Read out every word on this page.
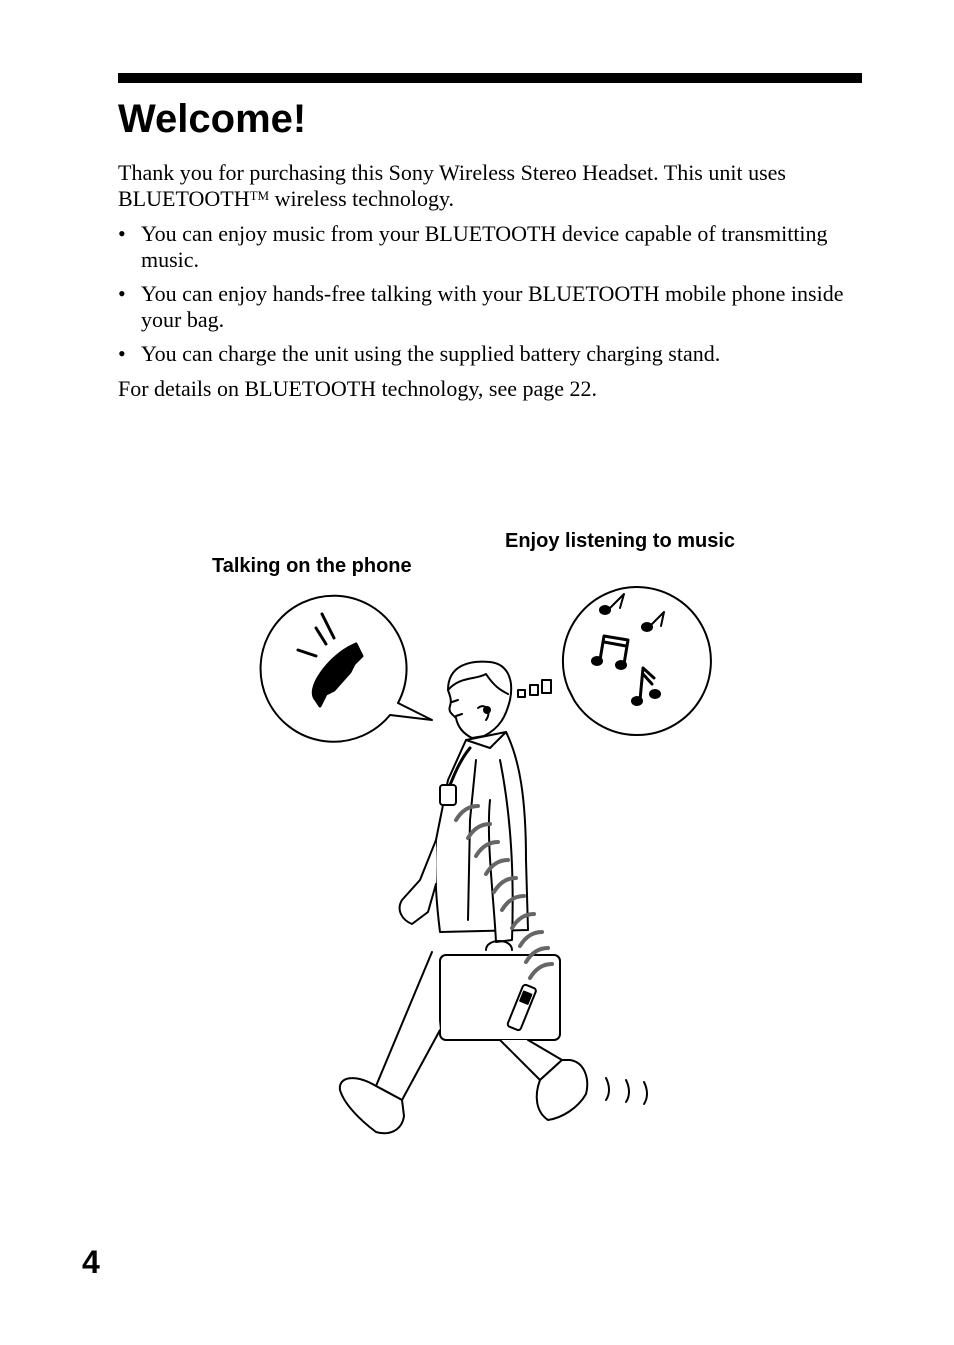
Welcome!

Thank you for purchasing this Sony Wireless Stereo Headset. This unit uses BLUETOOTH™ wireless technology.

• You can enjoy music from your BLUETOOTH device capable of transmitting music.
• You can enjoy hands-free talking with your BLUETOOTH mobile phone inside your bag.
• You can charge the unit using the supplied battery charging stand.

For details on BLUETOOTH technology, see page 22.

Enjoy listening to music
Talking on the phone
4
